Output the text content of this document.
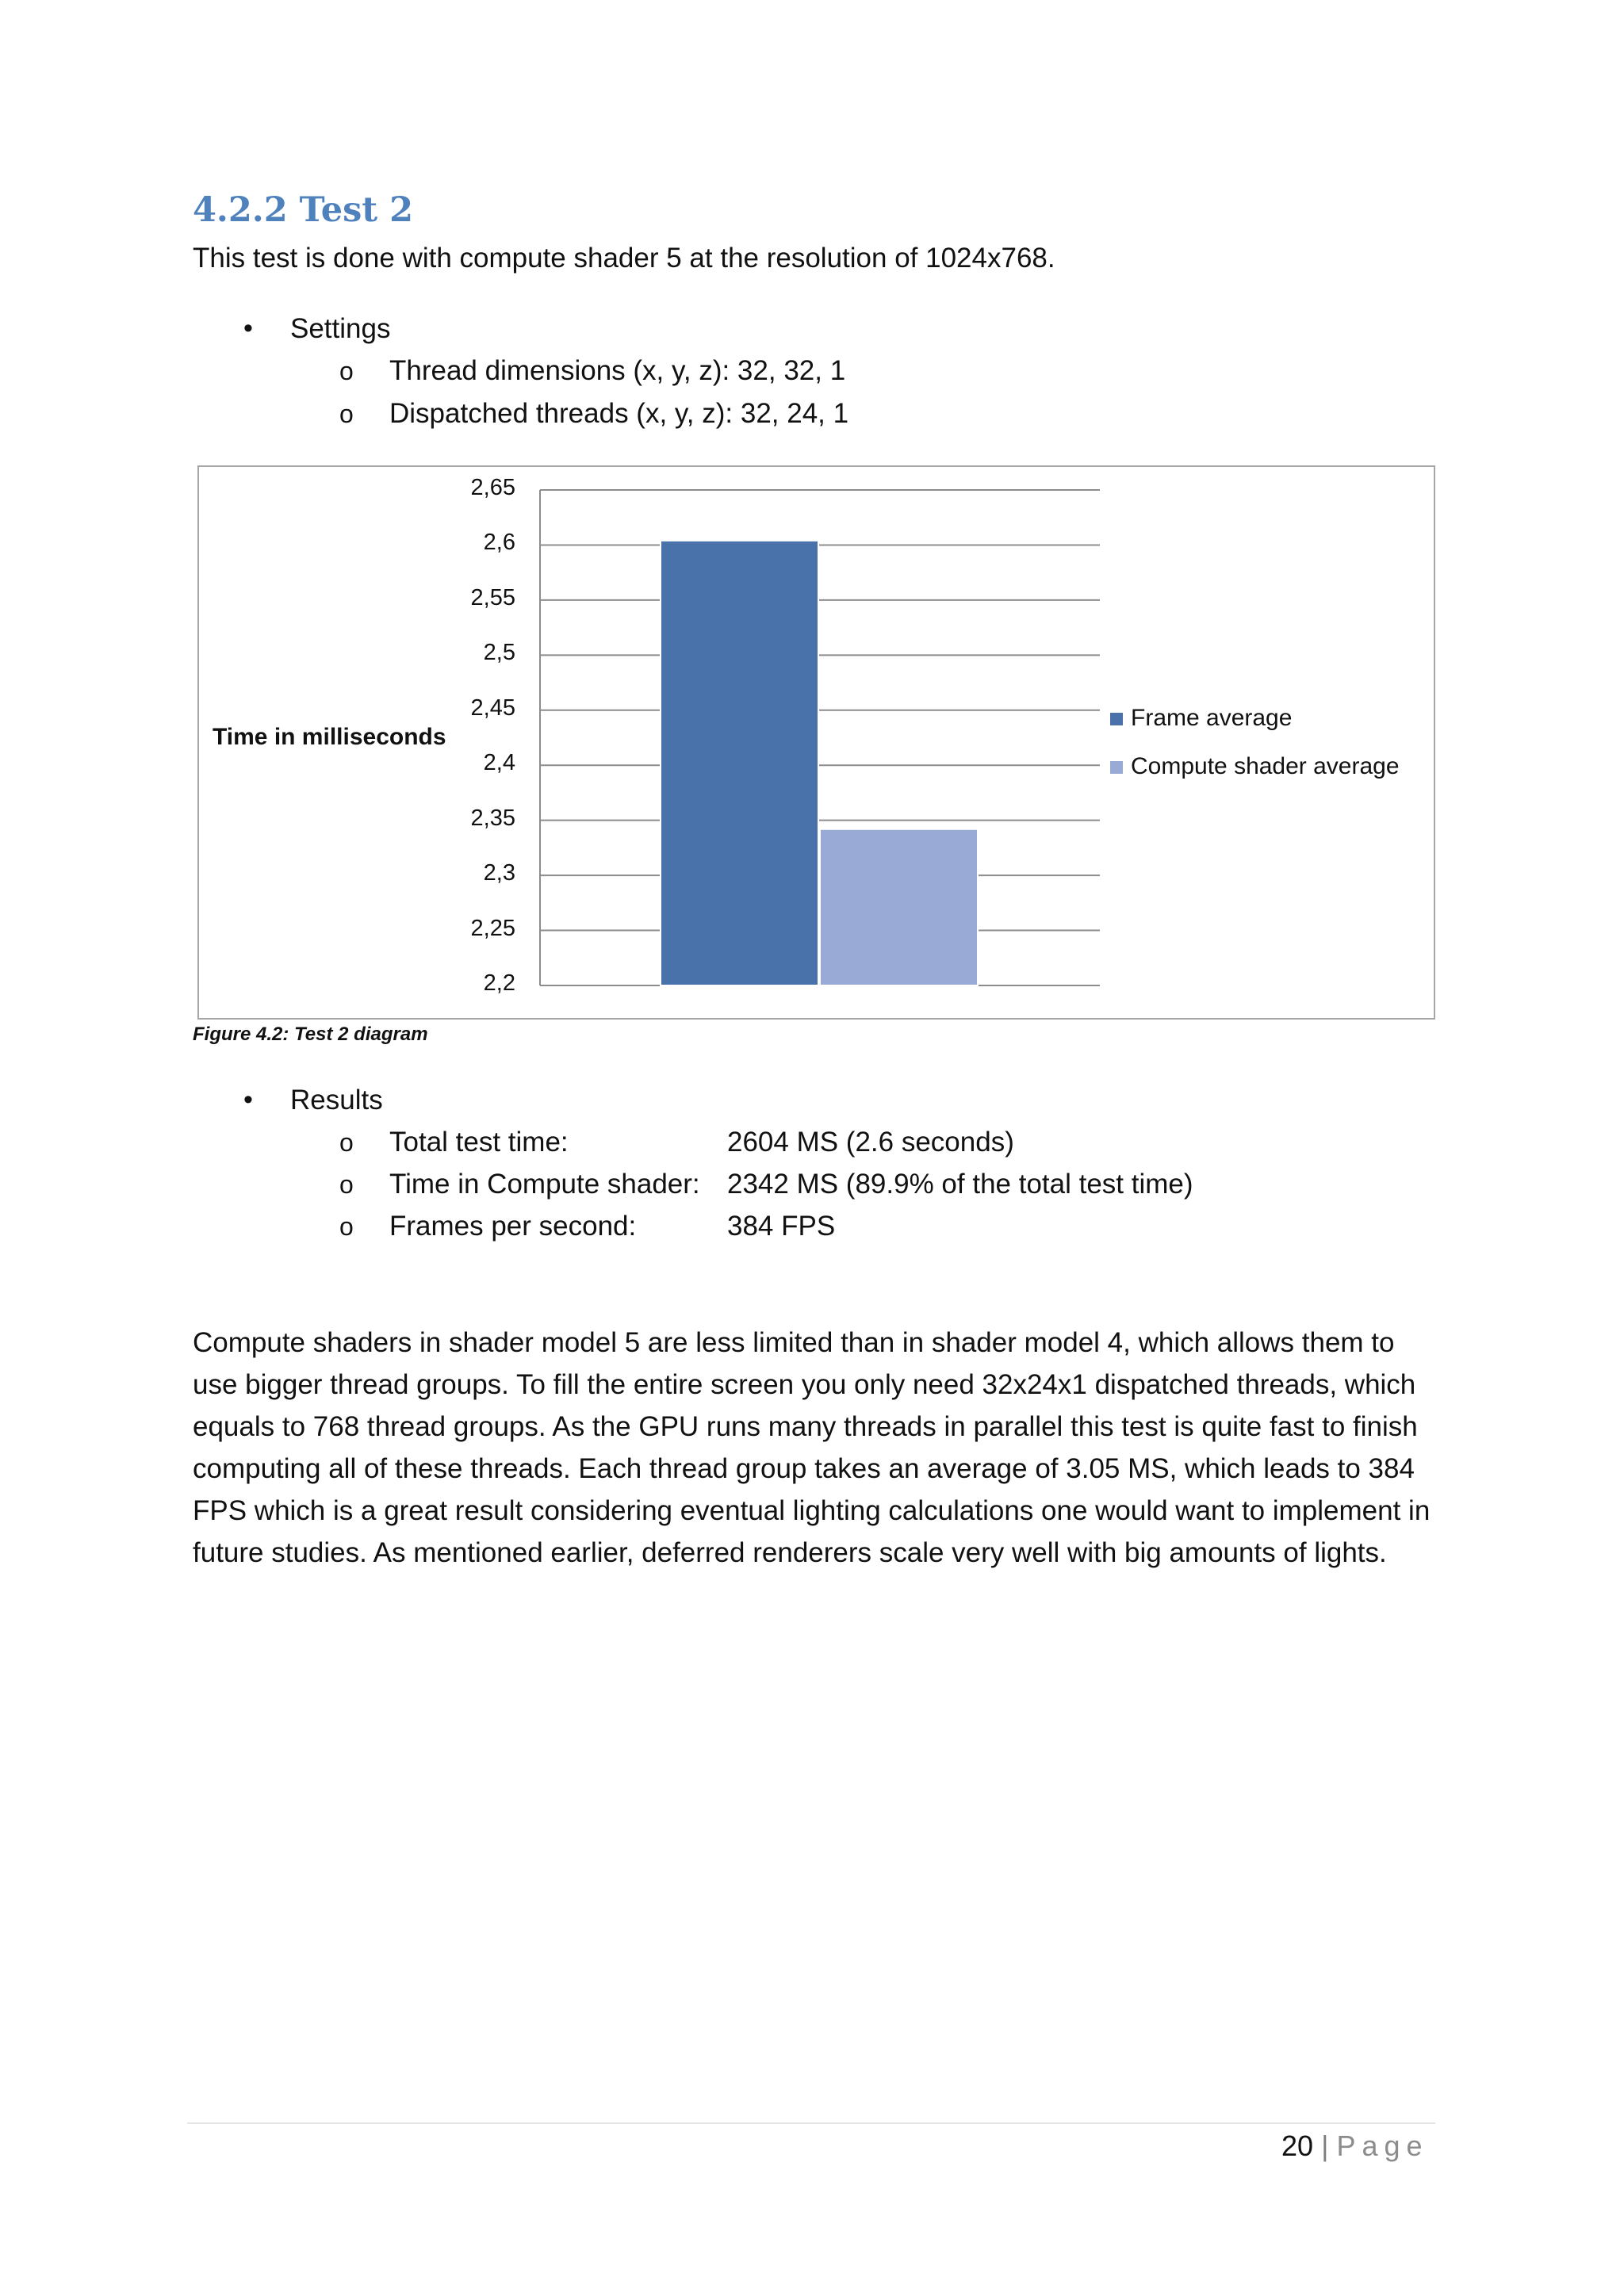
4.2.2 Test 2
This test is done with compute shader 5 at the resolution of 1024x768.
• Settings
o Thread dimensions (x, y, z): 32, 32, 1
o Dispatched threads (x, y, z): 32, 24, 1
Time in milliseconds
2,65
2,6
2,55
2,5
2,45
2,4
2,35
2,3
2,25
2,2
Frame average
Compute shader average
Figure 4.2: Test 2 diagram
• Results
o Total test time:	2604 MS (2.6 seconds)
o Time in Compute shader: 2342 MS (89.9% of the total test time)
o Frames per second:	384 FPS

Compute shaders in shader model 5 are less limited than in shader model 4, which allows them to

use bigger thread groups. To fill the entire screen you only need 32x24x1 dispatched threads, which

equals to 768 thread groups. As the GPU runs many threads in parallel this test is quite fast to finish

computing all of these threads. Each thread group takes an average of 3.05 MS, which leads to 384

FPS which is a great result considering eventual lighting calculations one would want to implement in

future studies. As mentioned earlier, deferred renderers scale very well with big amounts of lights.

20 | Page
